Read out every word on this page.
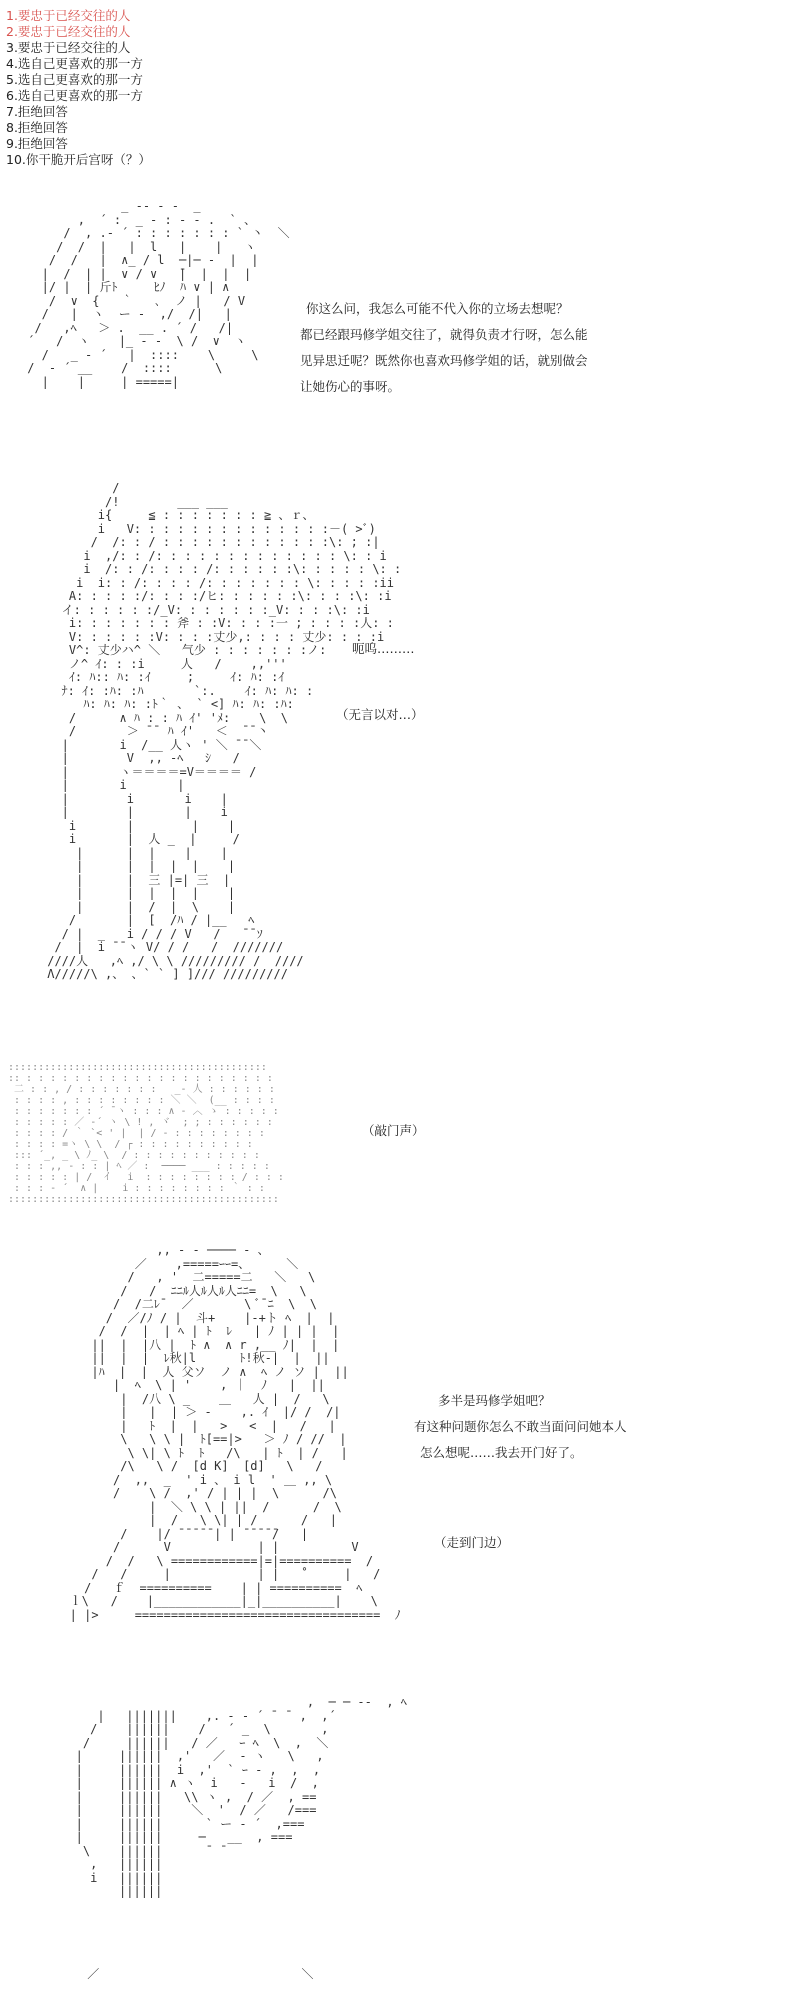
1.要忠于已经交往的人
2.要忠于已经交往的人
3.要忠于已经交往的人
4.选自己更喜欢的那一方
5.选自己更喜欢的那一方
6.选自己更喜欢的那一方
7.拒绝回答
8.拒绝回答
9.拒绝回答
10.你干脆开后宫呀（？）
_ -‐ ‐ -  _
,  ´ :  _ ‐ : ‐ - .  ` 、
/  , .- ´ : : : : : : : ` 丶  ＼
/  /  |   |  l   |    |   ヽ
/  /   |  ∧_ / l  ─|─ ‐  |  |
|  /  | |  ∨ / ∨   ̄|  |  |  |
|/ |  | 斤ﾄ     ﾋﾉ  ﾊ ∨ | ∧
/  ∨  {   ｀   ､  ノ |   / V
/   |  ヽ  ー ‐  ,/  /|   |
/   ,ﾍ   ＞ .  __ . ´ /   /|
´   /  ヽ    |_ ‐ ‐  \ /  ∨  ヽ
/   _ - ´   |  ::::    \     \
/  ‐ ´ __    /  ::::      \
|    |     | =====|

你这么问，我怎么可能不代入你的立场去想呢？
都已经跟玛修学姐交往了，就得负责才行呀，怎么能
见异思迁呢？既然你也喜欢玛修学姐的话，就别做会
让她伤心的事呀。
/
/!        ___ ___
i{     ≦ : : : : : : : ≧ 、ｒ、
i   V: : : : : : : : : : : : : :－( >ﾞ)
/  /: : / : : : : : : : : : : : :\: ; :|
i  ,/: : /: : : : : : : : : : : : : \: : i
i  /: : /: : : : /: : : : : :\: : : : : \: :
i  i: : /: : : : /: : : : : : : \: : : : :ii
A: : : : :/: : : :/ヒ: : : : : :\: : : :\: :i
イ: : : : : :/_V: : : : : : :_V: : : :\: :i
i: : : : : : : 斧 : :V: : : :一 ; : : : :人: :
V: : : : : :V: : : :丈少,: : : : 丈少: : : :i
V^: 丈少ハ^ ＼   气少 : : : : : : :ノ:
ノ^ ｲ: : :i     人   /    ,,'''
ｲ: ﾊ:: ﾊ: :ｲ     ;     ｲ: ﾊ: :ｲ
ﾅ: ｲ: :ﾊ: :ﾊ       `:.    ｲ: ﾊ: ﾊ: :
ﾊ: ﾊ: ﾊ: :ﾄ｀ 、 ` <] ﾊ: ﾊ: :ﾊ:
/      ∧ ﾊ : : ﾊ ｲ' 'ﾒ:    \  \
/       ＞ ̄ ̄  ﾊ ｲ'   ＜  ̄ ̄ 丶
|       i  /__ 人ヽ ' ＼ ̄ ̄ ＼
|        V  ,, -ﾍ   ｼ   /
|       ヽ＝＝＝＝=V＝＝＝＝ /
|       i       |
|        i       i    |
|        |       |    i
i       |        |    |
i       |  人 _  |     /
|      |  |    |    |
|      |  |  |  |    |
|      |  三 |=| 三  |
|      |  |  |  |    |
|      |  /  |  \    |
/       |  [  /ﾊ / |__   ﾍ
/ |  _   i / / / V   /   ̄ ̄ ｿ
/  |  i ̄ ̄ ヽ V/ / /   /  ///////
////人   ,ﾍ ,/ \ \ ///////// /  ////
Λ/////\ ,、 、` ` ] ]/// /////////

呃呜………
（无言以对…）
:::::::::::::::::::::::::::::::::::::::::::
:: : : : : : : : : : : : : : : : : : : : : :
二 : : , / : : : : : : :   _‐ 人 : : : : : :
: : : : , : : : : : : : : ＼ ＼  (__ : : : :
: : : : : : : ´ ̄ ヽ : : : ∧ ‐ ︿ ゝ : : : : :
: : : : : ／ ‐´ ヽ \ ! , ヾ  ; ; : : : : : :
: : : : / ｀ `< ' |  | / ‐ : : : : : : : :
: : : : =ヽ \ \  / ┌ : : : : : : : : : :
::: ´_, _ \ ﾉ_ \  / : : : : : : : : : : :
: : : ,, - : : | ﾍ ／ :  ──── ___ : : : : :
: : : : : | /  ｲ   i  : : : : : : : : / : : :
: : : ‐ ´  ∧ |    i : : : : : : : : ｀ : :
:::::::::::::::::::::::::::::::::::::::::::::

（敲门声）
,, - ‐ ──── - 、
／    ,=====ｰｰ=、     ＼
/   , '  二=====二   ＼   \
/   /  ﾆﾆﾙ人ﾙ人ﾙ人ﾆﾆ=  \   \
/  /二ﾚ¯  ／       \ ﾞ¯ﾆ  \  \
/  ／/ﾉ / |  斗+    |-+ト ﾍ  |  |
/  /  |  | ﾍ | ﾄ  ﾚ   | ﾉ | | |  |
||  |  |八 |  ﾄ ∧  ∧ r ,__ ﾉ|  |  |
||  |  |  ﾚ秋|l      ﾄ!秋-|  |  ||
|ﾊ  |  |  人 父ソ  ノ ∧  ﾍ ノ ソ |  ||
|  ﾍ  \ | '    , ｜  ﾉ   |  ||
|  /八 \ _    ＿   人 |  /   \
|   |  | ＞ -    ,. ｲ  |/ /  /|
|   ﾄ  |  |   >   <  |   /   |
\   \ \ |  ﾄ[==|>   ＞ ﾉ / //  |
\ \| \ ﾄ  ﾄ   /\   | ﾄ  | /   |
/\   \ /  [d K]  [d]   \   /
/  ,,  _  ' i 、 i l  ' ＿ ,, \
/    \ /  ,' / | | |  \      /\
|  ＼ \ \ | ||  /      /  \
|  /   \ \| | /      /   |
/    |/ ̄ ̄ ̄ ̄ ̄ | | ̄ ̄ ̄ ̄ ̄/   |
/      V            | |          V
/  /   \ ============|=|==========  /
/   /     |            | |   ˚     |   /
/   ｆ  ==========    | | ==========  ﾍ
ｌ\   /    |____________|_|__________|    \
| |>     ==================================  ﾉ

多半是玛修学姐吧？
有这种问题你怎么不敢当面问问她本人
怎么想呢……我去开门好了。
（走到门边）
,  ─ ─ -‐  , ﾍ
|   |||||||    ,. - ‐ ´ ¯ ¯ ,  ,´
/    ||||||    /   ´ _  \       ,
/     ||||||   / ／   ｰ ﾍ  \  ,  ＼
|     ||||||  ,'   ／  ‐ ヽ   \   ,
|     ||||||  i  ,'  ` ｰ ‐ ,  ,  ,
|     |||||| ∧ ヽ  i   ‐   i  /  ,
|     ||||||   \\ ヽ ,  / ／  , ==
|     ||||||    ＼  '  / ／   /===
|     ||||||      ` ー ‐ ´  ,===
|     ||||||     ─   __  , ===
\    ||||||      ¯ ¯
,   ||||||
i   ||||||
||||||

／                            ＼
